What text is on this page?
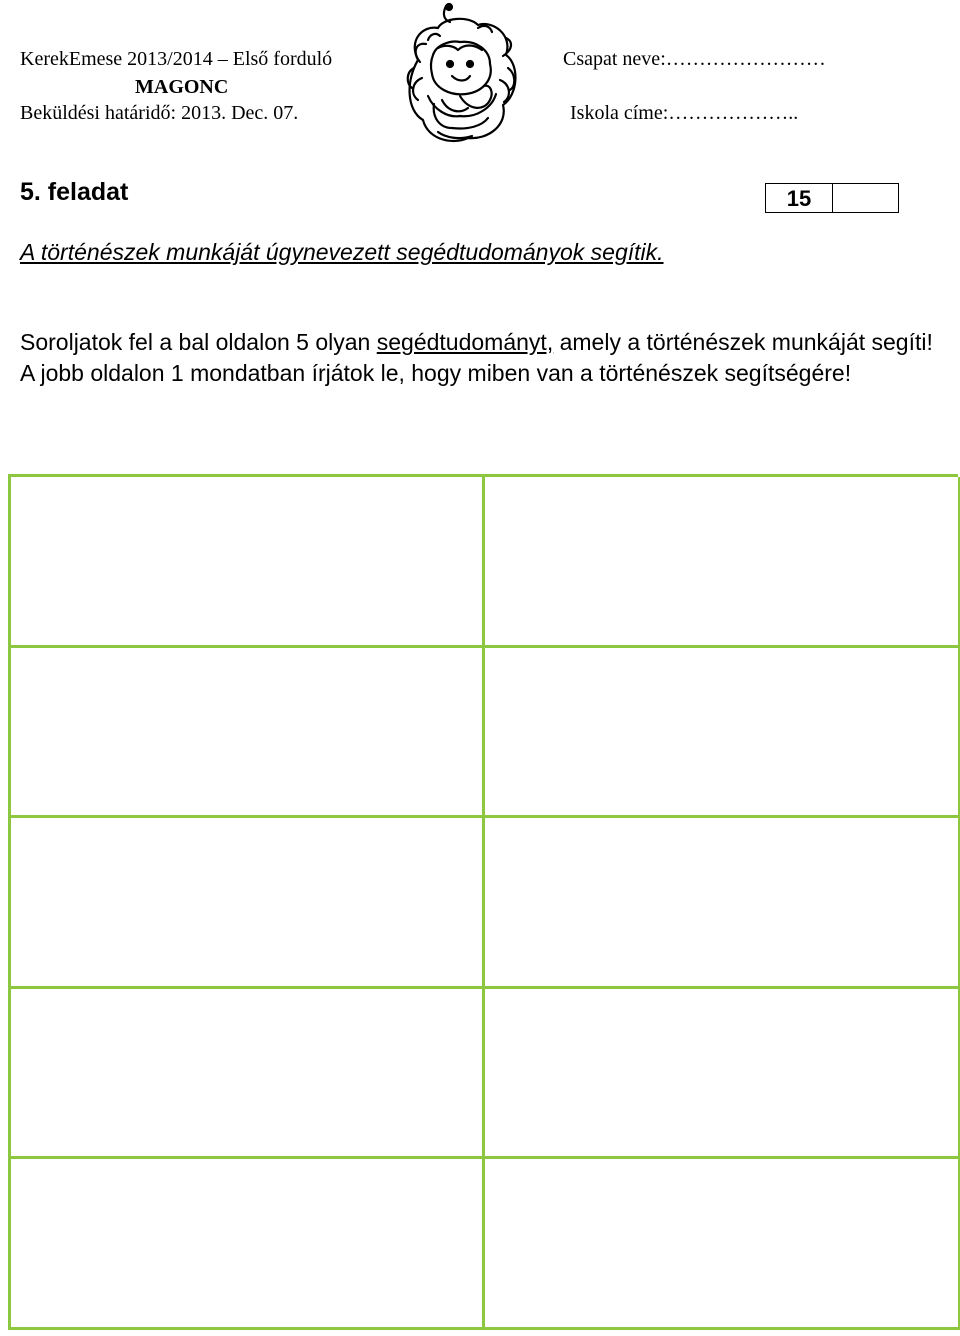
KerekEmese 2013/2014 – Első forduló
MAGONC
Beküldési határidő: 2013. Dec. 07.
Csapat neve:……………………
Iskola címe:………………..
5. feladat	15
A történészek munkáját úgynevezett segédtudományok segítik.
Soroljatok fel a bal oldalon 5 olyan segédtudományt, amely a történészek munkáját segíti! A jobb oldalon 1 mondatban írjátok le, hogy miben van a történészek segítségére!
